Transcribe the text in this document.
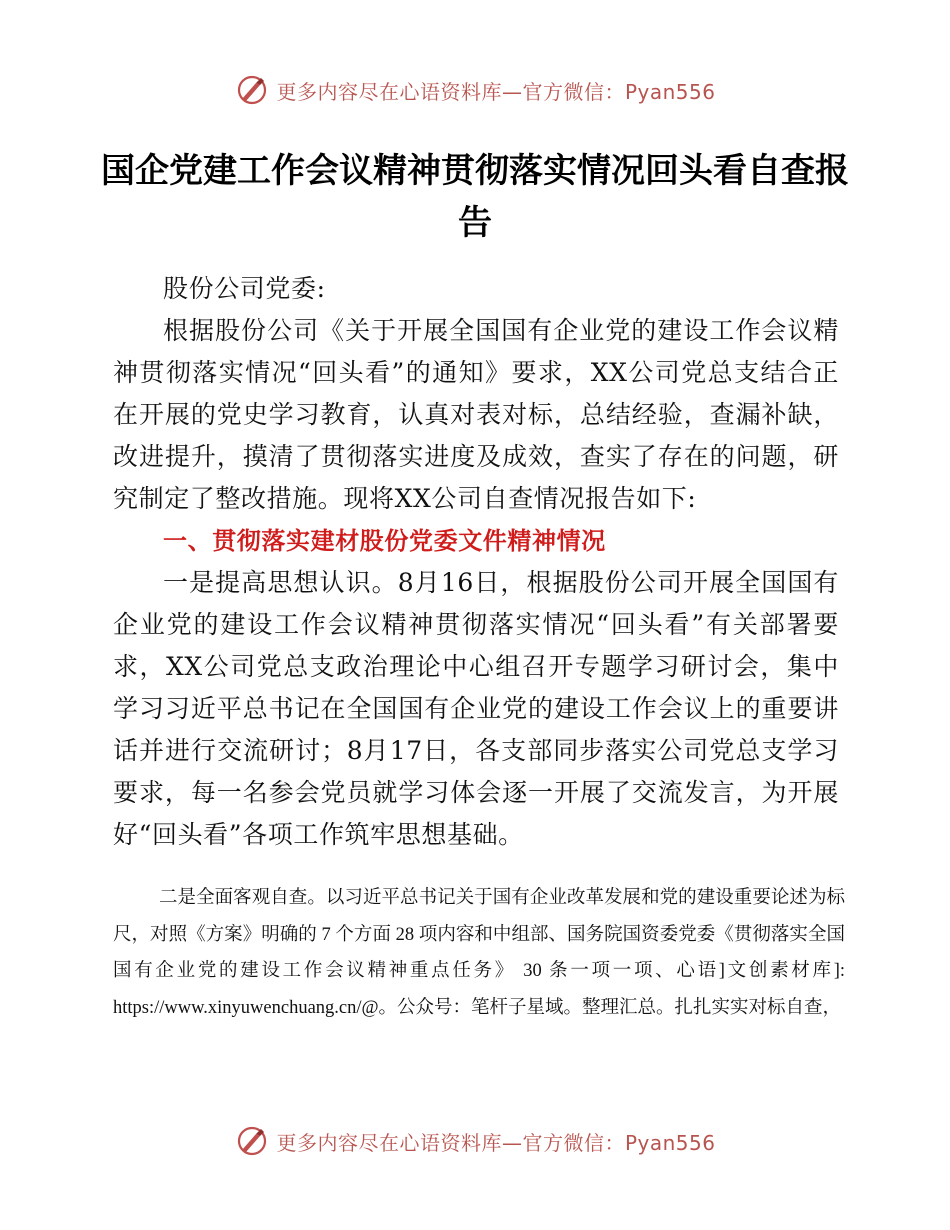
更多内容尽在心语资料库—官方微信：Pyan556
国企党建工作会议精神贯彻落实情况回头看自查报告

股份公司党委:

根据股份公司《关于开展全国国有企业党的建设工作会议精神贯彻落实情况“回头看”的通知》要求，XX公司党总支结合正在开展的党史学习教育，认真对表对标，总结经验，查漏补缺，改进提升，摸清了贯彻落实进度及成效，查实了存在的问题，研究制定了整改措施。现将XX公司自查情况报告如下:

一、贯彻落实建材股份党委文件精神情况

一是提高思想认识。8月16日，根据股份公司开展全国国有企业党的建设工作会议精神贯彻落实情况“回头看”有关部署要求，XX公司党总支政治理论中心组召开专题学习研讨会，集中学习习近平总书记在全国国有企业党的建设工作会议上的重要讲话并进行交流研讨；8月17日，各支部同步落实公司党总支学习要求，每一名参会党员就学习体会逐一开展了交流发言，为开展好“回头看”各项工作筑牢思想基础。

二是全面客观自查。以习近平总书记关于国有企业改革发展和党的建设重要论述为标尺，对照《方案》明确的 7 个方面 28 项内容和中组部、国务院国资委党委《贯彻落实全国国有企业党的建设工作会议精神重点任务》 30 条一项一项、心语]文创素材库]: https://www.xinyuwenchuang.cn/@。公众号：笔杆子星域。整理汇总。扎扎实实对标自查，

更多内容尽在心语资料库—官方微信：Pyan556
